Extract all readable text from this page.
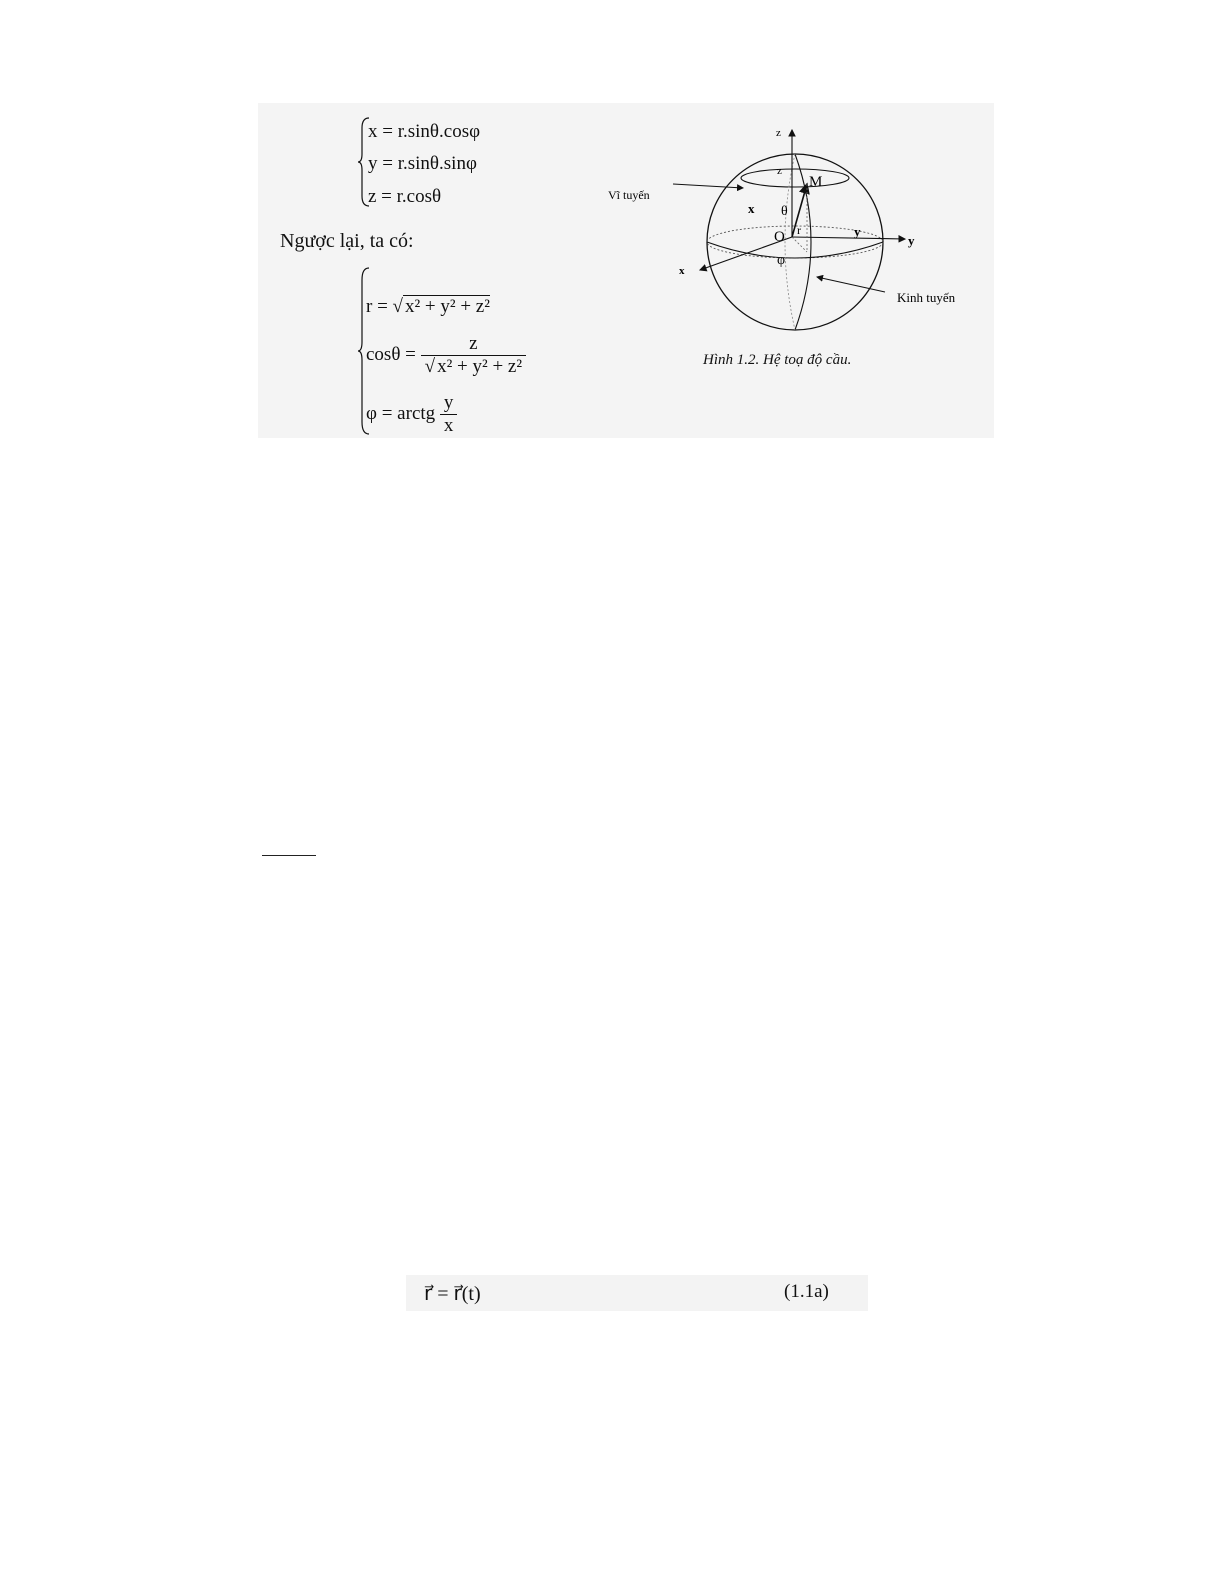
x = r.sinθ.cosφ
y = r.sinθ.sinφ
z = r.cosθ
Ngược lại, ta có:
r = √ x² + y² + z²
$\cos\theta = \frac{z}{\text{√ x² + y² + z²}}$
φ = arctg $\frac{y}{x}$
z
y
x
M
O
θ
φ
r
x
y
z
Vĩ tuyến
Kinh tuyến
Hình 1.2. Hệ toạ độ cầu.
r⃗ = r⃗(t)	(1.1a)
